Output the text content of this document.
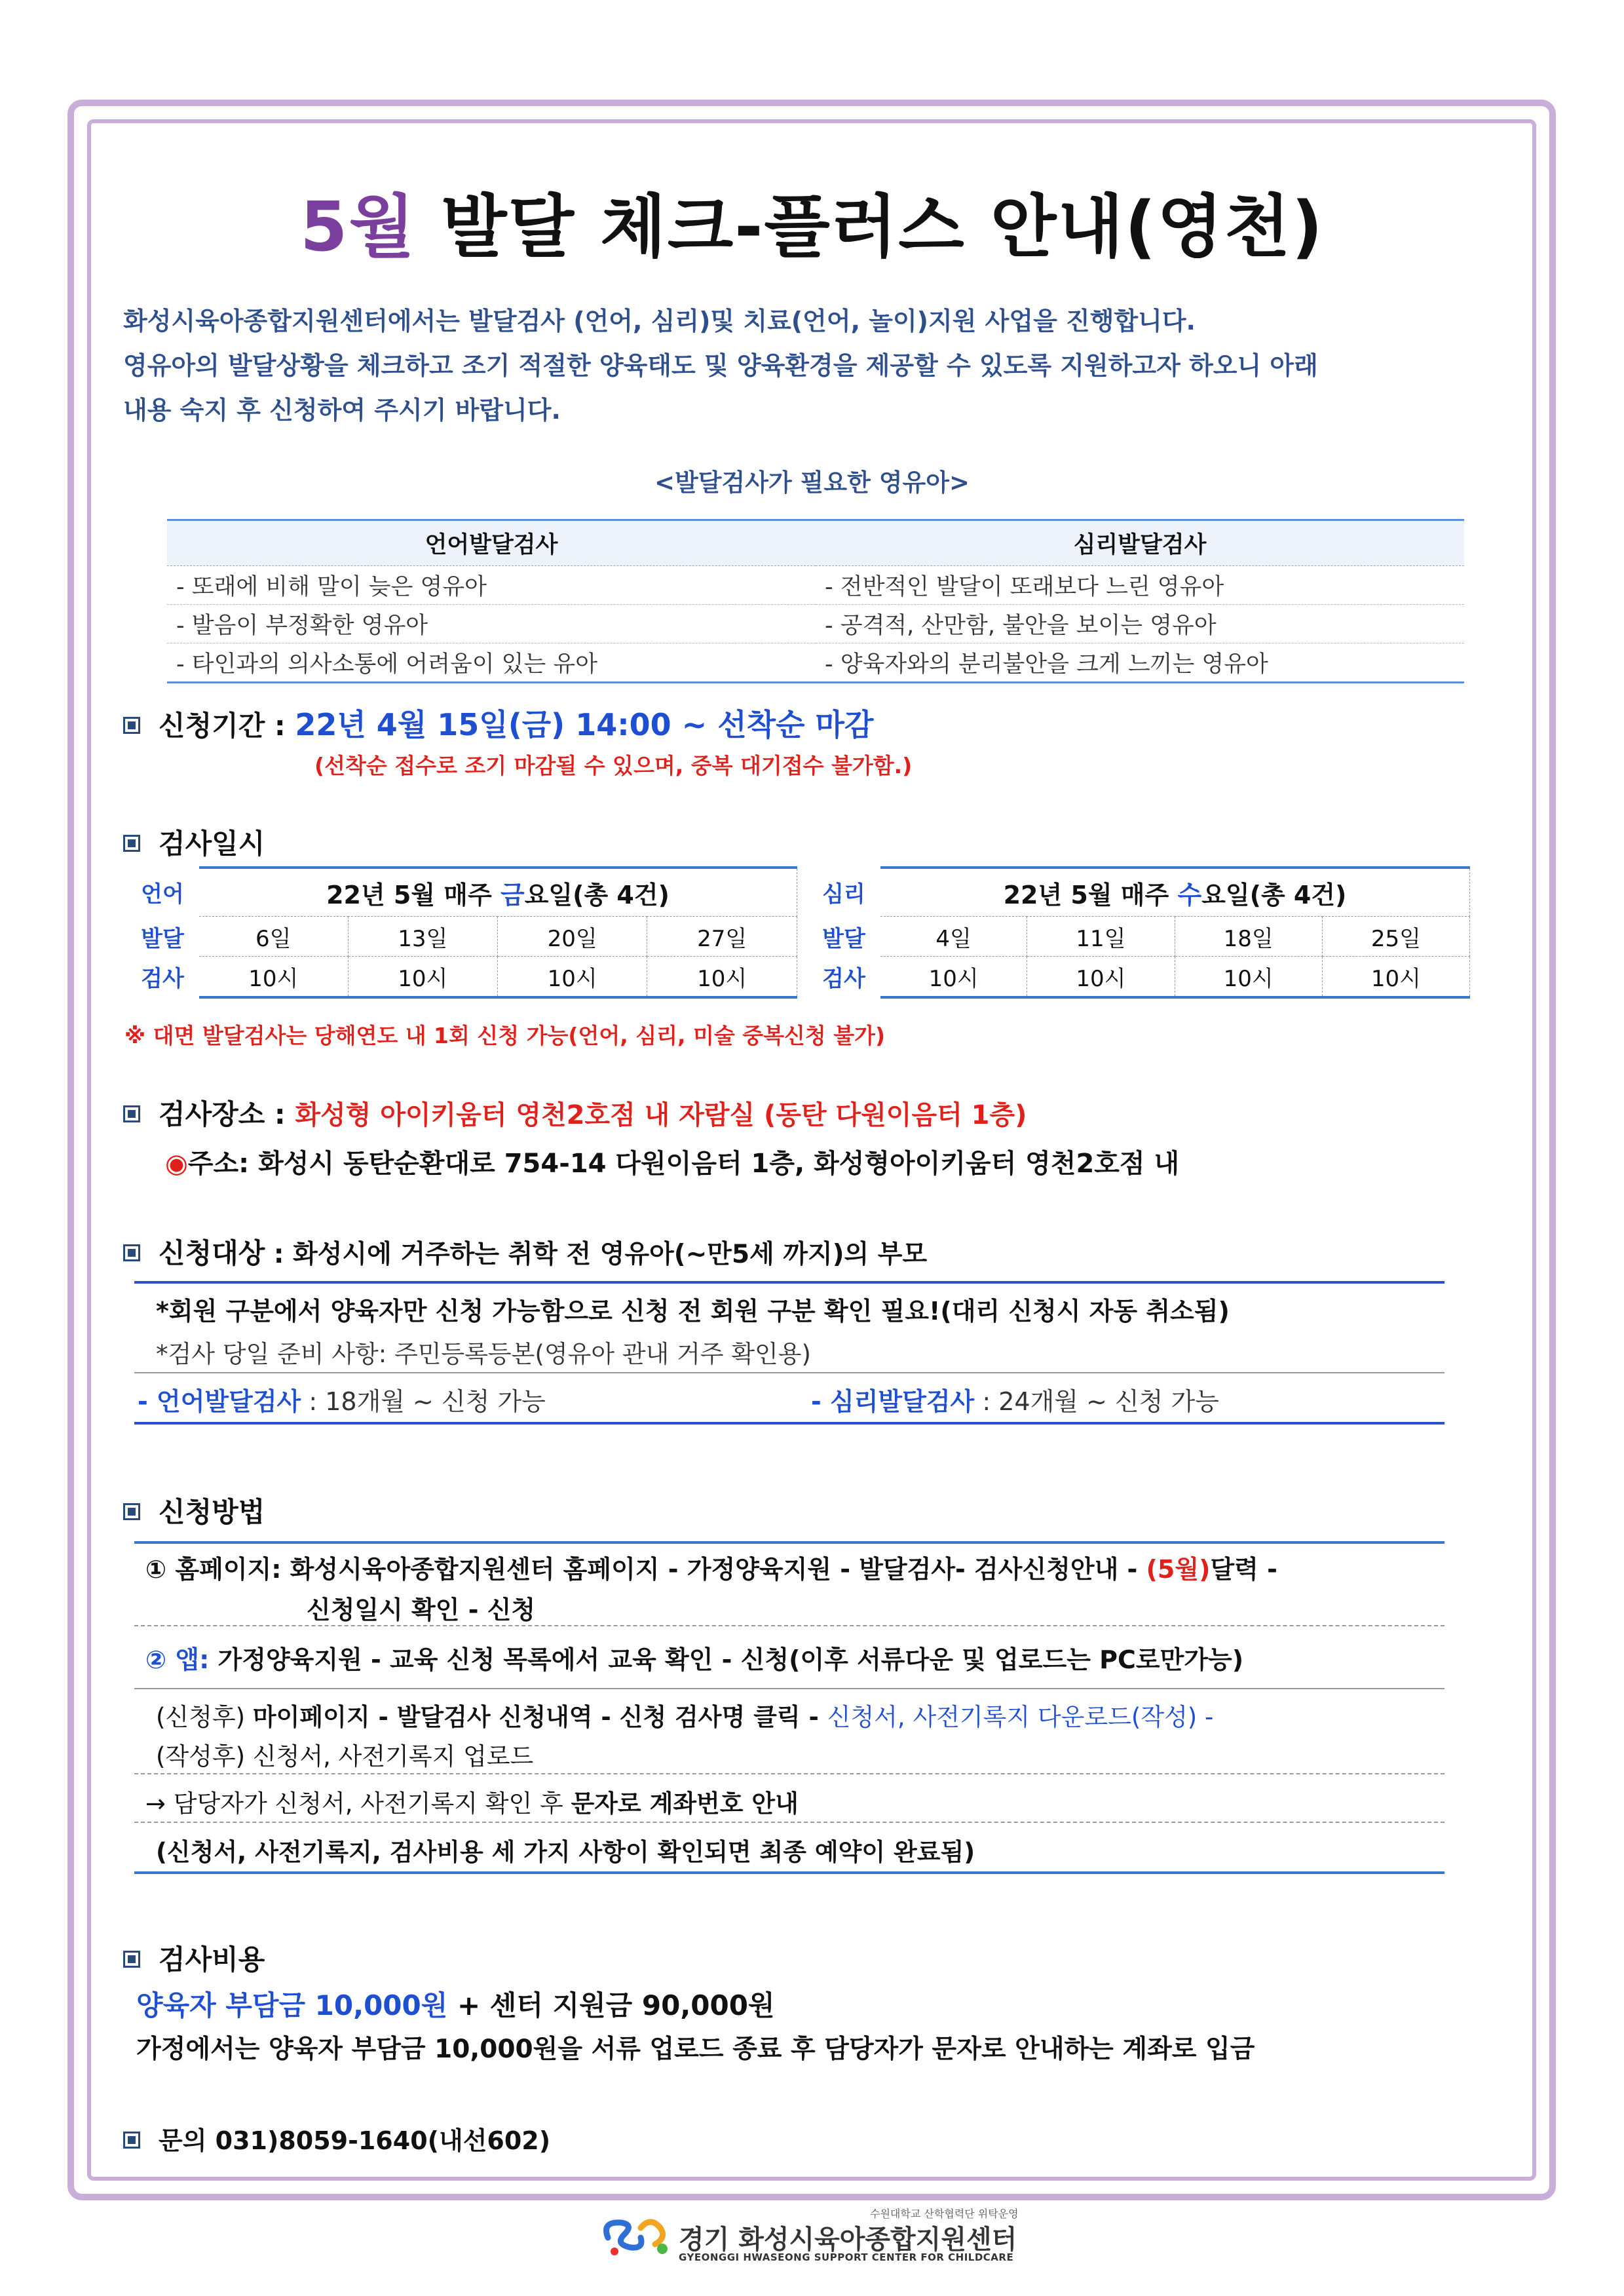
5월 발달 체크-플러스 안내(영천)
화성시육아종합지원센터에서는 발달검사 (언어, 심리)및 치료(언어, 놀이)지원 사업을 진행합니다.
영유아의 발달상황을 체크하고 조기 적절한 양육태도 및 양육환경을 제공할 수 있도록 지원하고자 하오니 아래
내용 숙지 후 신청하여 주시기 바랍니다.
<발달검사가 필요한 영유아>
언어발달검사	심리발달검사
- 또래에 비해 말이 늦은 영유아	- 전반적인 발달이 또래보다 느린 영유아
- 발음이 부정확한 영유아	- 공격적, 산만함, 불안을 보이는 영유아
- 타인과의 의사소통에 어려움이 있는 유아	- 양육자와의 분리불안을 크게 느끼는 영유아
신청기간 : 22년 4월 15일(금) 14:00 ~ 선착순 마감
(선착순 접수로 조기 마감될 수 있으며, 중복 대기접수 불가함.)
검사일시
언어	22년 5월 매주 금요일(총 4건)			
발달	6일	13일	20일	27일
검사	10시	10시	10시	10시
심리	22년 5월 매주 수요일(총 4건)			
발달	4일	11일	18일	25일
검사	10시	10시	10시	10시
※ 대면 발달검사는 당해연도 내 1회 신청 가능(언어, 심리, 미술 중복신청 불가)
검사장소 : 화성형 아이키움터 영천2호점 내 자람실 (동탄 다원이음터 1층)
◉주소: 화성시 동탄순환대로 754-14 다원이음터 1층, 화성형아이키움터 영천2호점 내
신청대상 : 화성시에 거주하는 취학 전 영유아(~만5세 까지)의 부모
*회원 구분에서 양육자만 신청 가능함으로 신청 전 회원 구분 확인 필요!(대리 신청시 자동 취소됨)
*검사 당일 준비 사항: 주민등록등본(영유아 관내 거주 확인용)
- 언어발달검사 : 18개월 ~ 신청 가능	- 심리발달검사 : 24개월 ~ 신청 가능
신청방법
① 홈페이지: 화성시육아종합지원센터 홈페이지 - 가정양육지원 - 발달검사- 검사신청안내 - (5월)달력 -
신청일시 확인 - 신청
② 앱: 가정양육지원 - 교육 신청 목록에서 교육 확인 - 신청(이후 서류다운 및 업로드는 PC로만가능)
(신청후) 마이페이지 - 발달검사 신청내역 - 신청 검사명 클릭 - 신청서, 사전기록지 다운로드(작성) -
(작성후) 신청서, 사전기록지 업로드
→ 담당자가 신청서, 사전기록지 확인 후 문자로 계좌번호 안내
(신청서, 사전기록지, 검사비용 세 가지 사항이 확인되면 최종 예약이 완료됨)
검사비용
양육자 부담금 10,000원 + 센터 지원금 90,000원
가정에서는 양육자 부담금 10,000원을 서류 업로드 종료 후 담당자가 문자로 안내하는 계좌로 입금
문의 031)8059-1640(내선602)
수원대학교 산학협력단 위탁운영
경기 화성시육아종합지원센터
GYEONGGI HWASEONG SUPPORT CENTER FOR CHILDCARE
